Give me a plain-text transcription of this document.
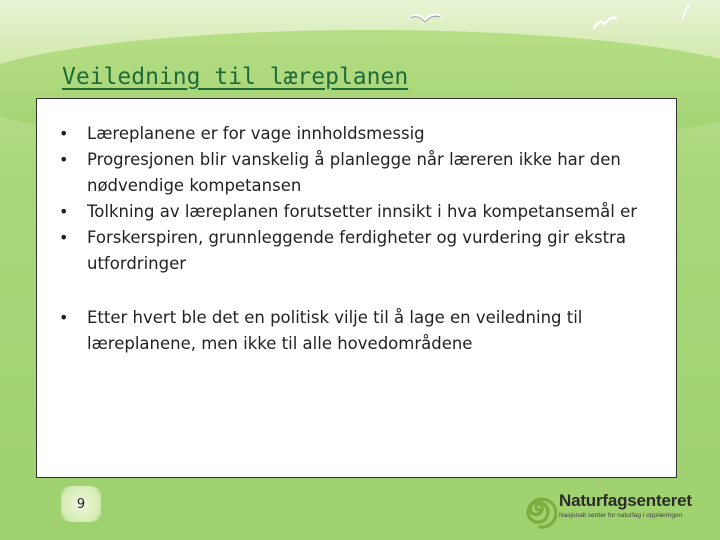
Veiledning til læreplanen
• Læreplanene er for vage innholdsmessig
• Progresjonen blir vanskelig å planlegge når læreren ikke har den nødvendige kompetansen
• Tolkning av læreplanen forutsetter innsikt i hva kompetansemål er
• Forskerspiren, grunnleggende ferdigheter og vurdering gir ekstra utfordringer
• Etter hvert ble det en politisk vilje til å lage en veiledning til læreplanene, men ikke til alle hovedområdene
9	Naturfagsenteret
Nasjonalt senter for naturfag i opplæringen
